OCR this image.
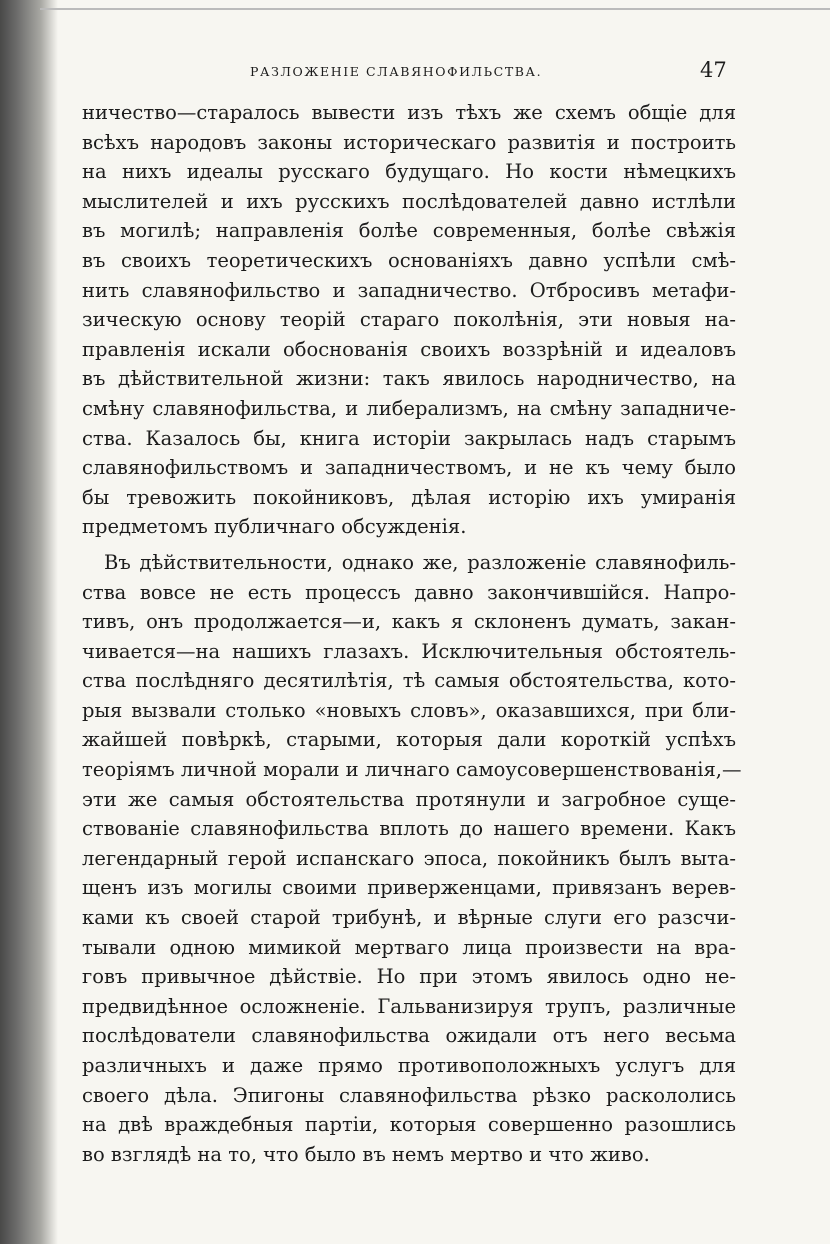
РАЗЛОЖЕНІЕ СЛАВЯНОФИЛЬСТВА.	47
ничество—старалось вывести изъ тѣхъ же схемъ общіе для
всѣхъ народовъ законы историческаго развитія и построить
на нихъ идеалы русскаго будущаго. Но кости нѣмецкихъ
мыслителей и ихъ русскихъ послѣдователей давно истлѣли
въ могилѣ; направленія болѣе современныя, болѣе свѣжія
въ своихъ теоретическихъ основаніяхъ давно успѣли смѣ-
нить славянофильство и западничество. Отбросивъ метафи-
зическую основу теорій стараго поколѣнія, эти новыя на-
правленія искали обоснованія своихъ воззрѣній и идеаловъ
въ дѣйствительной жизни: такъ явилось народничество, на
смѣну славянофильства, и либерализмъ, на смѣну западниче-
ства. Казалось бы, книга исторіи закрылась надъ старымъ
славянофильствомъ и западничествомъ, и не къ чему было
бы тревожить покойниковъ, дѣлая исторію ихъ умиранія
предметомъ публичнаго обсужденія.
Въ дѣйствительности, однако же, разложеніе славянофиль-
ства вовсе не есть процессъ давно закончившійся. Напро-
тивъ, онъ продолжается—и, какъ я склоненъ думать, закан-
чивается—на нашихъ глазахъ. Исключительныя обстоятель-
ства послѣдняго десятилѣтія, тѣ самыя обстоятельства, кото-
рыя вызвали столько «новыхъ словъ», оказавшихся, при бли-
жайшей повѣркѣ, старыми, которыя дали короткій успѣхъ
теоріямъ личной морали и личнаго самоусовершенствованія,—
эти же самыя обстоятельства протянули и загробное суще-
ствованіе славянофильства вплоть до нашего времени. Какъ
легендарный герой испанскаго эпоса, покойникъ былъ выта-
щенъ изъ могилы своими приверженцами, привязанъ верев-
ками къ своей старой трибунѣ, и вѣрные слуги его разсчи-
тывали одною мимикой мертваго лица произвести на вра-
говъ привычное дѣйствіе. Но при этомъ явилось одно не-
предвидѣнное осложненіе. Гальванизируя трупъ, различные
послѣдователи славянофильства ожидали отъ него весьма
различныхъ и даже прямо противоположныхъ услугъ для
своего дѣла. Эпигоны славянофильства рѣзко раскололись
на двѣ враждебныя партіи, которыя совершенно разошлись
во взглядѣ на то, что было въ немъ мертво и что живо.
